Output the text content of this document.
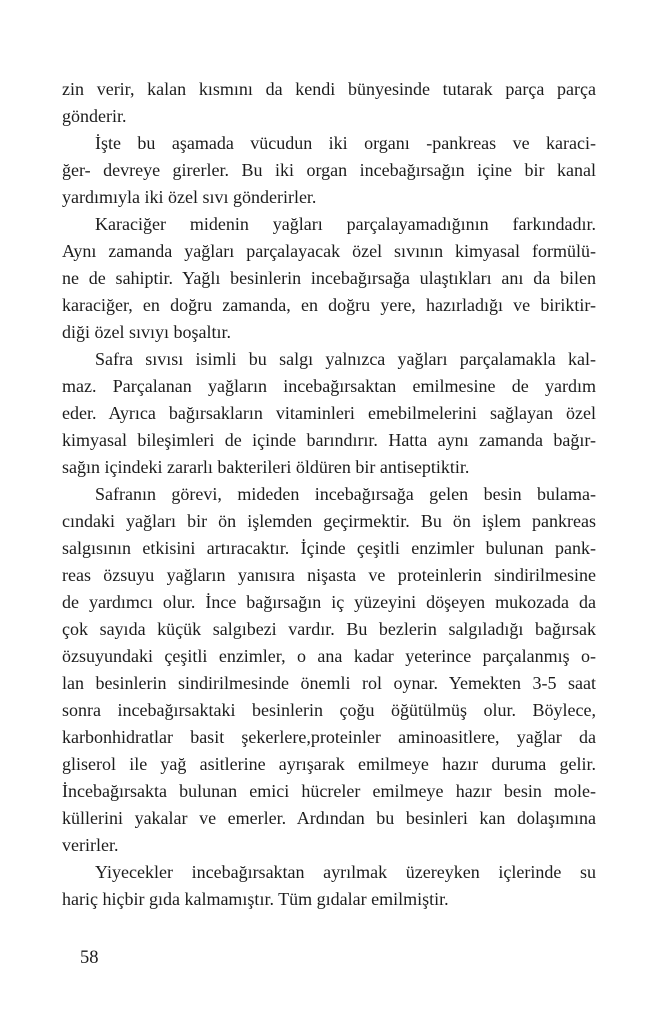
zin verir, kalan kısmını da kendi bünyesinde tutarak parça parça
gönderir.
İşte bu aşamada vücudun iki organı -pankreas ve karaci-
ğer- devreye girerler. Bu iki organ incebağırsağın içine bir kanal
yardımıyla iki özel sıvı gönderirler.
Karaciğer midenin yağları parçalayamadığının farkındadır.
Aynı zamanda yağları parçalayacak özel sıvının kimyasal formülü-
ne de sahiptir. Yağlı besinlerin incebağırsağa ulaştıkları anı da bilen
karaciğer, en doğru zamanda, en doğru yere, hazırladığı ve biriktir-
diği özel sıvıyı boşaltır.
Safra sıvısı isimli bu salgı yalnızca yağları parçalamakla kal-
maz. Parçalanan yağların incebağırsaktan emilmesine de yardım
eder. Ayrıca bağırsakların vitaminleri emebilmelerini sağlayan özel
kimyasal bileşimleri de içinde barındırır. Hatta aynı zamanda bağır-
sağın içindeki zararlı bakterileri öldüren bir antiseptiktir.
Safranın görevi, mideden incebağırsağa gelen besin bulama-
cındaki yağları bir ön işlemden geçirmektir. Bu ön işlem pankreas
salgısının etkisini artıracaktır. İçinde çeşitli enzimler bulunan pank-
reas özsuyu yağların yanısıra nişasta ve proteinlerin sindirilmesine
de yardımcı olur. İnce bağırsağın iç yüzeyini döşeyen mukozada da
çok sayıda küçük salgıbezi vardır. Bu bezlerin salgıladığı bağırsak
özsuyundaki çeşitli enzimler, o ana kadar yeterince parçalanmış o-
lan besinlerin sindirilmesinde önemli rol oynar. Yemekten 3-5 saat
sonra incebağırsaktaki besinlerin çoğu öğütülmüş olur. Böylece,
karbonhidratlar basit şekerlere,proteinler aminoasitlere, yağlar da
gliserol ile yağ asitlerine ayrışarak emilmeye hazır duruma gelir.
İncebağırsakta bulunan emici hücreler emilmeye hazır besin mole-
küllerini yakalar ve emerler. Ardından bu besinleri kan dolaşımına
verirler.
Yiyecekler incebağırsaktan ayrılmak üzereyken içlerinde su
hariç hiçbir gıda kalmamıştır. Tüm gıdalar emilmiştir.
58
